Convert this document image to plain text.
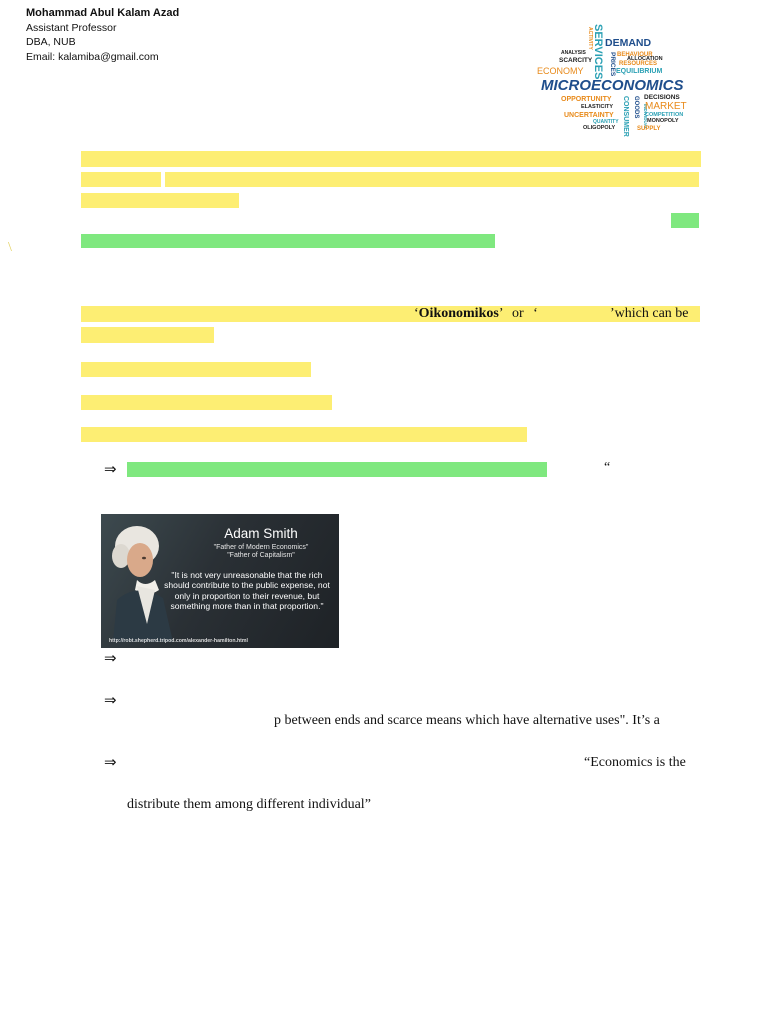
Mohammad Abul Kalam Azad
Assistant Professor
DBA, NUB
Email: kalamiba@gmail.com	SERVICES DEMAND
ANALYSIS
ACTIVITY
PRICES BEHAVIOUR
ALLOCATION
SCARCITY	RESOURCES
ECONOMY	EQUILIBRIUM
MICROECONOMICS
OPPORTUNITY CONSUMER GOODS DECISIONS
ELASTICITY	INDIVIDUAL
MARKET
UNCERTAINTY	COMPETITION
QUANTITY	MONOPOLY
OLIGOPOLY	SUPPLY
\
‘Oikonomikos’ or ‘	’which can be
⇒	“
Adam Smith
"Father of Modern Economics"
"Father of Capitalism"
"It is not very unreasonable that the rich should contribute to the public expense, not only in proportion to their revenue, but something more than in that proportion."
http://robt.shepherd.tripod.com/alexander-hamilton.html
⇒
⇒
p between ends and scarce means which have alternative uses". It’s a
⇒	“Economics is the
distribute them among different individual”
